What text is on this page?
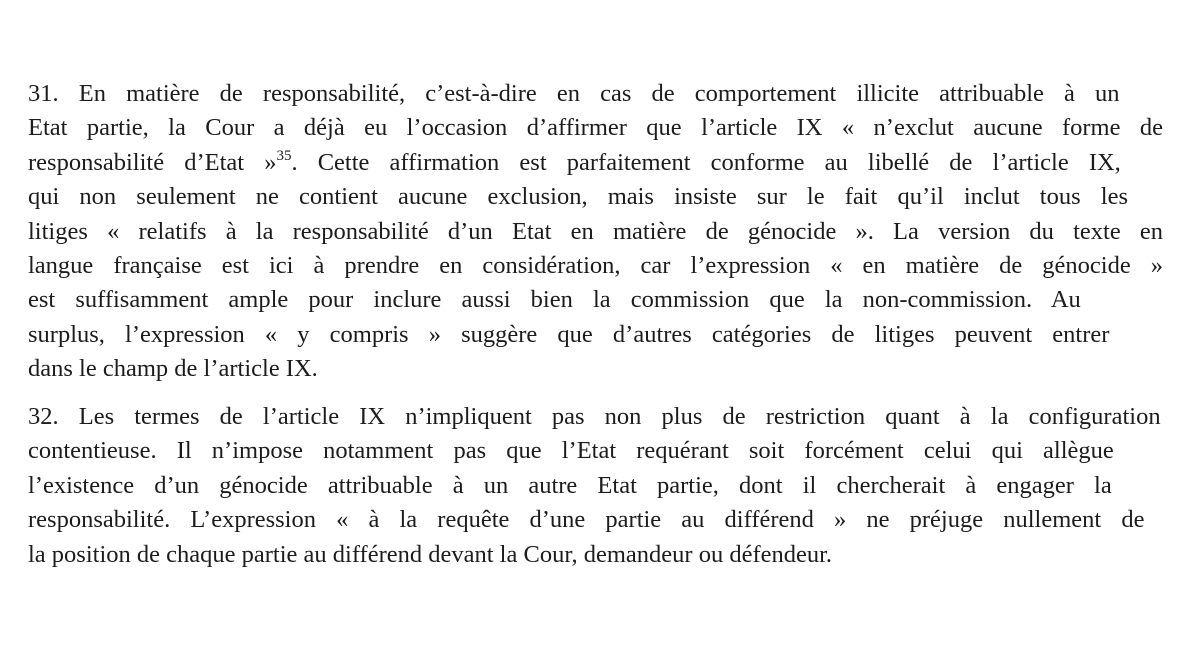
31. En matière de responsabilité, c’est-à-dire en cas de comportement illicite attribuable à un
Etat partie, la Cour a déjà eu l’occasion d’affirmer que l’article IX « n’exclut aucune forme de
responsabilité d’Etat »$^{35}$. Cette affirmation est parfaitement conforme au libellé de l’article IX,
qui non seulement ne contient aucune exclusion, mais insiste sur le fait qu’il inclut tous les
litiges « relatifs à la responsabilité d’un Etat en matière de génocide ». La version du texte en
langue française est ici à prendre en considération, car l’expression « en matière de génocide »
est suffisamment ample pour inclure aussi bien la commission que la non-commission. Au
surplus, l’expression « y compris » suggère que d’autres catégories de litiges peuvent entrer
dans le champ de l’article IX.

32. Les termes de l’article IX n’impliquent pas non plus de restriction quant à la configuration
contentieuse. Il n’impose notamment pas que l’Etat requérant soit forcément celui qui allègue
l’existence d’un génocide attribuable à un autre Etat partie, dont il chercherait à engager la
responsabilité. L’expression « à la requête d’une partie au différend » ne préjuge nullement de
la position de chaque partie au différend devant la Cour, demandeur ou défendeur.
